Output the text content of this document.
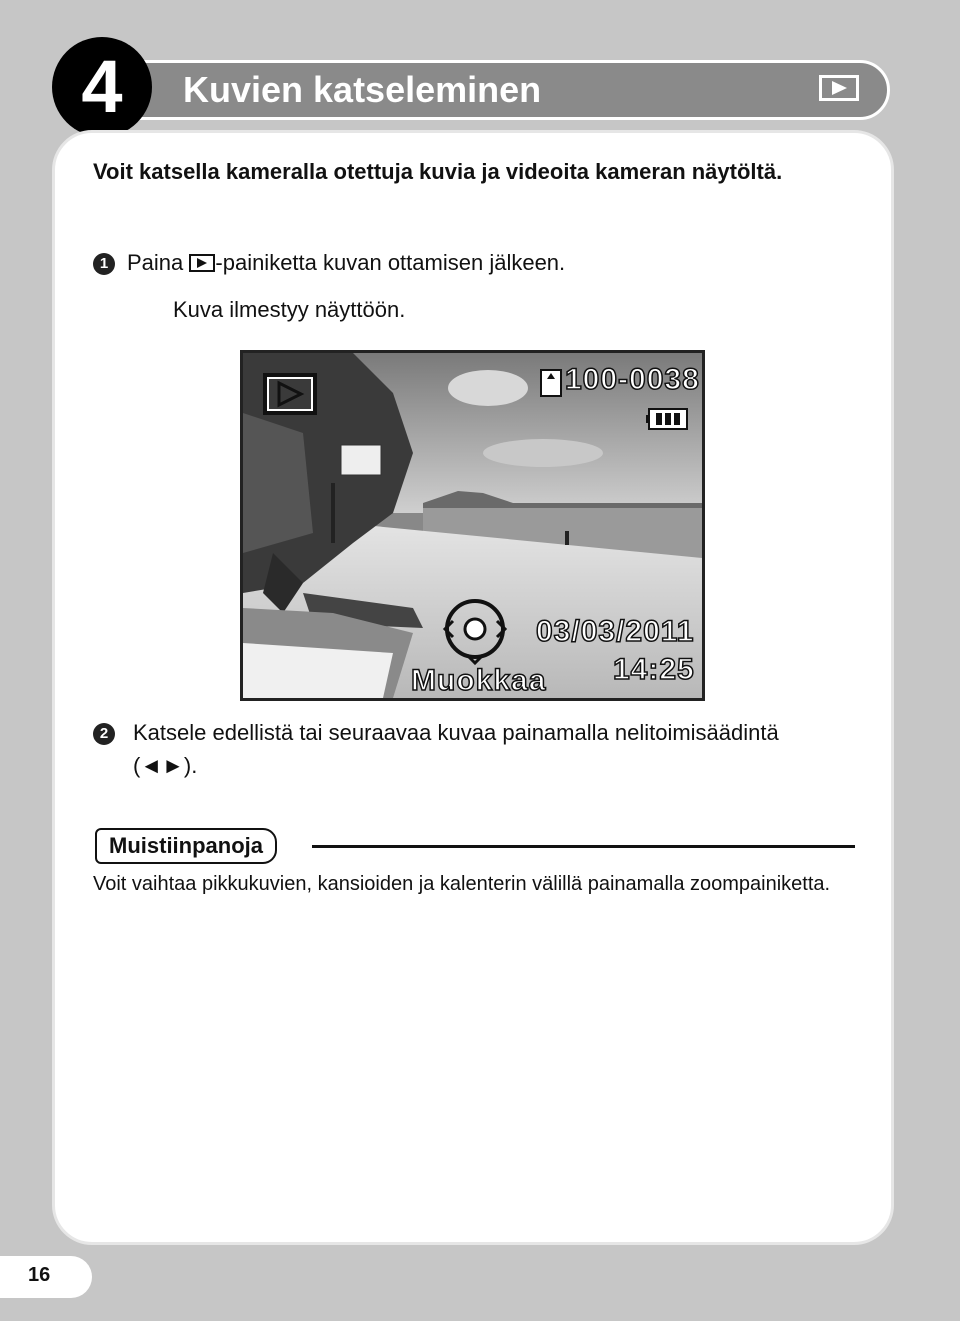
Kuvien katseleminen
4
Voit katsella kameralla otettuja kuvia ja videoita kameran näytöltä.
1 Paina -painiketta kuvan ottamisen jälkeen.
Kuva ilmestyy näyttöön.
100-0038
03/03/2011
14:25
Muokkaa
2	Katsele edellistä tai seuraavaa kuvaa painamalla nelitoimisäädintä (◄►).
Muistiinpanoja
Voit vaihtaa pikkukuvien, kansioiden ja kalenterin välillä painamalla zoompainiketta.
16
